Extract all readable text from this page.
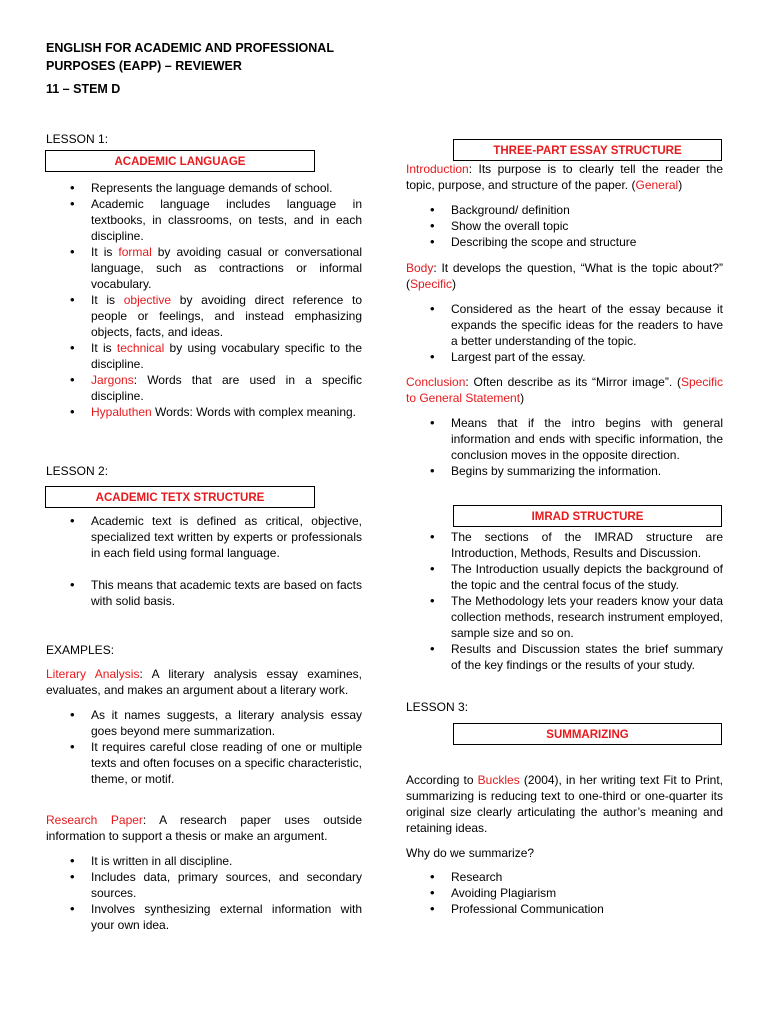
ENGLISH FOR ACADEMIC AND PROFESSIONAL
PURPOSES (EAPP) – REVIEWER
11 – STEM D
LESSON 1:
ACADEMIC LANGUAGE
• Represents the language demands of school.
• Academic language includes language in textbooks, in classrooms, on tests, and in each discipline.
• It is formal by avoiding casual or conversational language, such as contractions or informal vocabulary.
• It is objective by avoiding direct reference to people or feelings, and instead emphasizing objects, facts, and ideas.
• It is technical by using vocabulary specific to the discipline.
• Jargons: Words that are used in a specific discipline.
• Hypaluthen Words: Words with complex meaning.
LESSON 2:
ACADEMIC TETX STRUCTURE
• Academic text is defined as critical, objective, specialized text written by experts or professionals in each field using formal language.
• This means that academic texts are based on facts with solid basis.
EXAMPLES:
Literary Analysis: A literary analysis essay examines, evaluates, and makes an argument about a literary work.
• As it names suggests, a literary analysis essay goes beyond mere summarization.
• It requires careful close reading of one or multiple texts and often focuses on a specific characteristic, theme, or motif.
Research Paper: A research paper uses outside information to support a thesis or make an argument.
• It is written in all discipline.
• Includes data, primary sources, and secondary sources.
• Involves synthesizing external information with your own idea.
THREE-PART ESSAY STRUCTURE
Introduction: Its purpose is to clearly tell the reader the topic, purpose, and structure of the paper. (General)
• Background/ definition
• Show the overall topic
• Describing the scope and structure
Body: It develops the question, “What is the topic about?” (Specific)
• Considered as the heart of the essay because it expands the specific ideas for the readers to have a better understanding of the topic.
• Largest part of the essay.
Conclusion: Often describe as its “Mirror image”. (Specific to General Statement)
• Means that if the intro begins with general information and ends with specific information, the conclusion moves in the opposite direction.
• Begins by summarizing the information.
IMRAD STRUCTURE
• The sections of the IMRAD structure are Introduction, Methods, Results and Discussion.
• The Introduction usually depicts the background of the topic and the central focus of the study.
• The Methodology lets your readers know your data collection methods, research instrument employed, sample size and so on.
• Results and Discussion states the brief summary of the key findings or the results of your study.
LESSON 3:
SUMMARIZING
According to Buckles (2004), in her writing text Fit to Print, summarizing is reducing text to one-third or one-quarter its original size clearly articulating the author’s meaning and retaining ideas.
Why do we summarize?
• Research
• Avoiding Plagiarism
• Professional Communication
